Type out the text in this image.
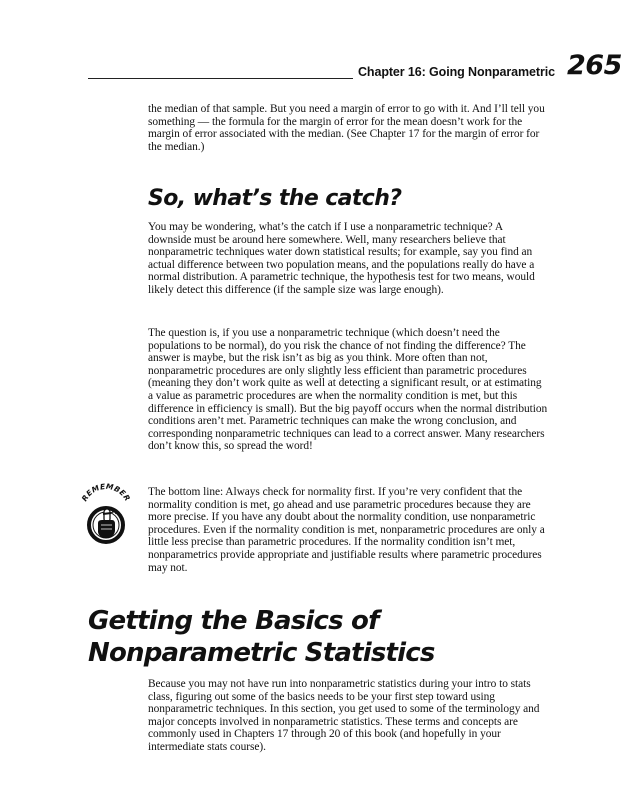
Chapter 16: Going Nonparametric 265

the median of that sample. But you need a margin of error to go with it. And I’ll tell you something — the formula for the margin of error for the mean doesn’t work for the margin of error associated with the median. (See Chapter 17 for the margin of error for the median.)

So, what’s the catch?

You may be wondering, what’s the catch if I use a nonparametric technique? A downside must be around here somewhere. Well, many researchers believe that nonparametric techniques water down statistical results; for example, say you find an actual difference between two population means, and the populations really do have a normal distribution. A parametric technique, the hypothesis test for two means, would likely detect this difference (if the sample size was large enough).

The question is, if you use a nonparametric technique (which doesn’t need the populations to be normal), do you risk the chance of not finding the difference? The answer is maybe, but the risk isn’t as big as you think. More often than not, nonparametric procedures are only slightly less efficient than parametric procedures (meaning they don’t work quite as well at detecting a significant result, or at estimating a value as parametric procedures are when the normality condition is met, but this difference in efficiency is small). But the big payoff occurs when the normal distribution conditions aren’t met. Parametric techniques can make the wrong conclusion, and corresponding nonparametric techniques can lead to a correct answer. Many researchers don’t know this, so spread the word!

REMEMBER The bottom line: Always check for normality first. If you’re very confident that the normality condition is met, go ahead and use parametric procedures because they are more precise. If you have any doubt about the normality condition, use nonparametric procedures. Even if the normality condition is met, nonparametric procedures are only a little less precise than parametric procedures. If the normality condition isn’t met, nonparametrics provide appropriate and justifiable results where parametric procedures may not.

Getting the Basics of Nonparametric Statistics

Because you may not have run into nonparametric statistics during your intro to stats class, figuring out some of the basics needs to be your first step toward using nonparametric techniques. In this section, you get used to some of the terminology and major concepts involved in nonparametric statistics. These terms and concepts are commonly used in Chapters 17 through 20 of this book (and hopefully in your intermediate stats course).
